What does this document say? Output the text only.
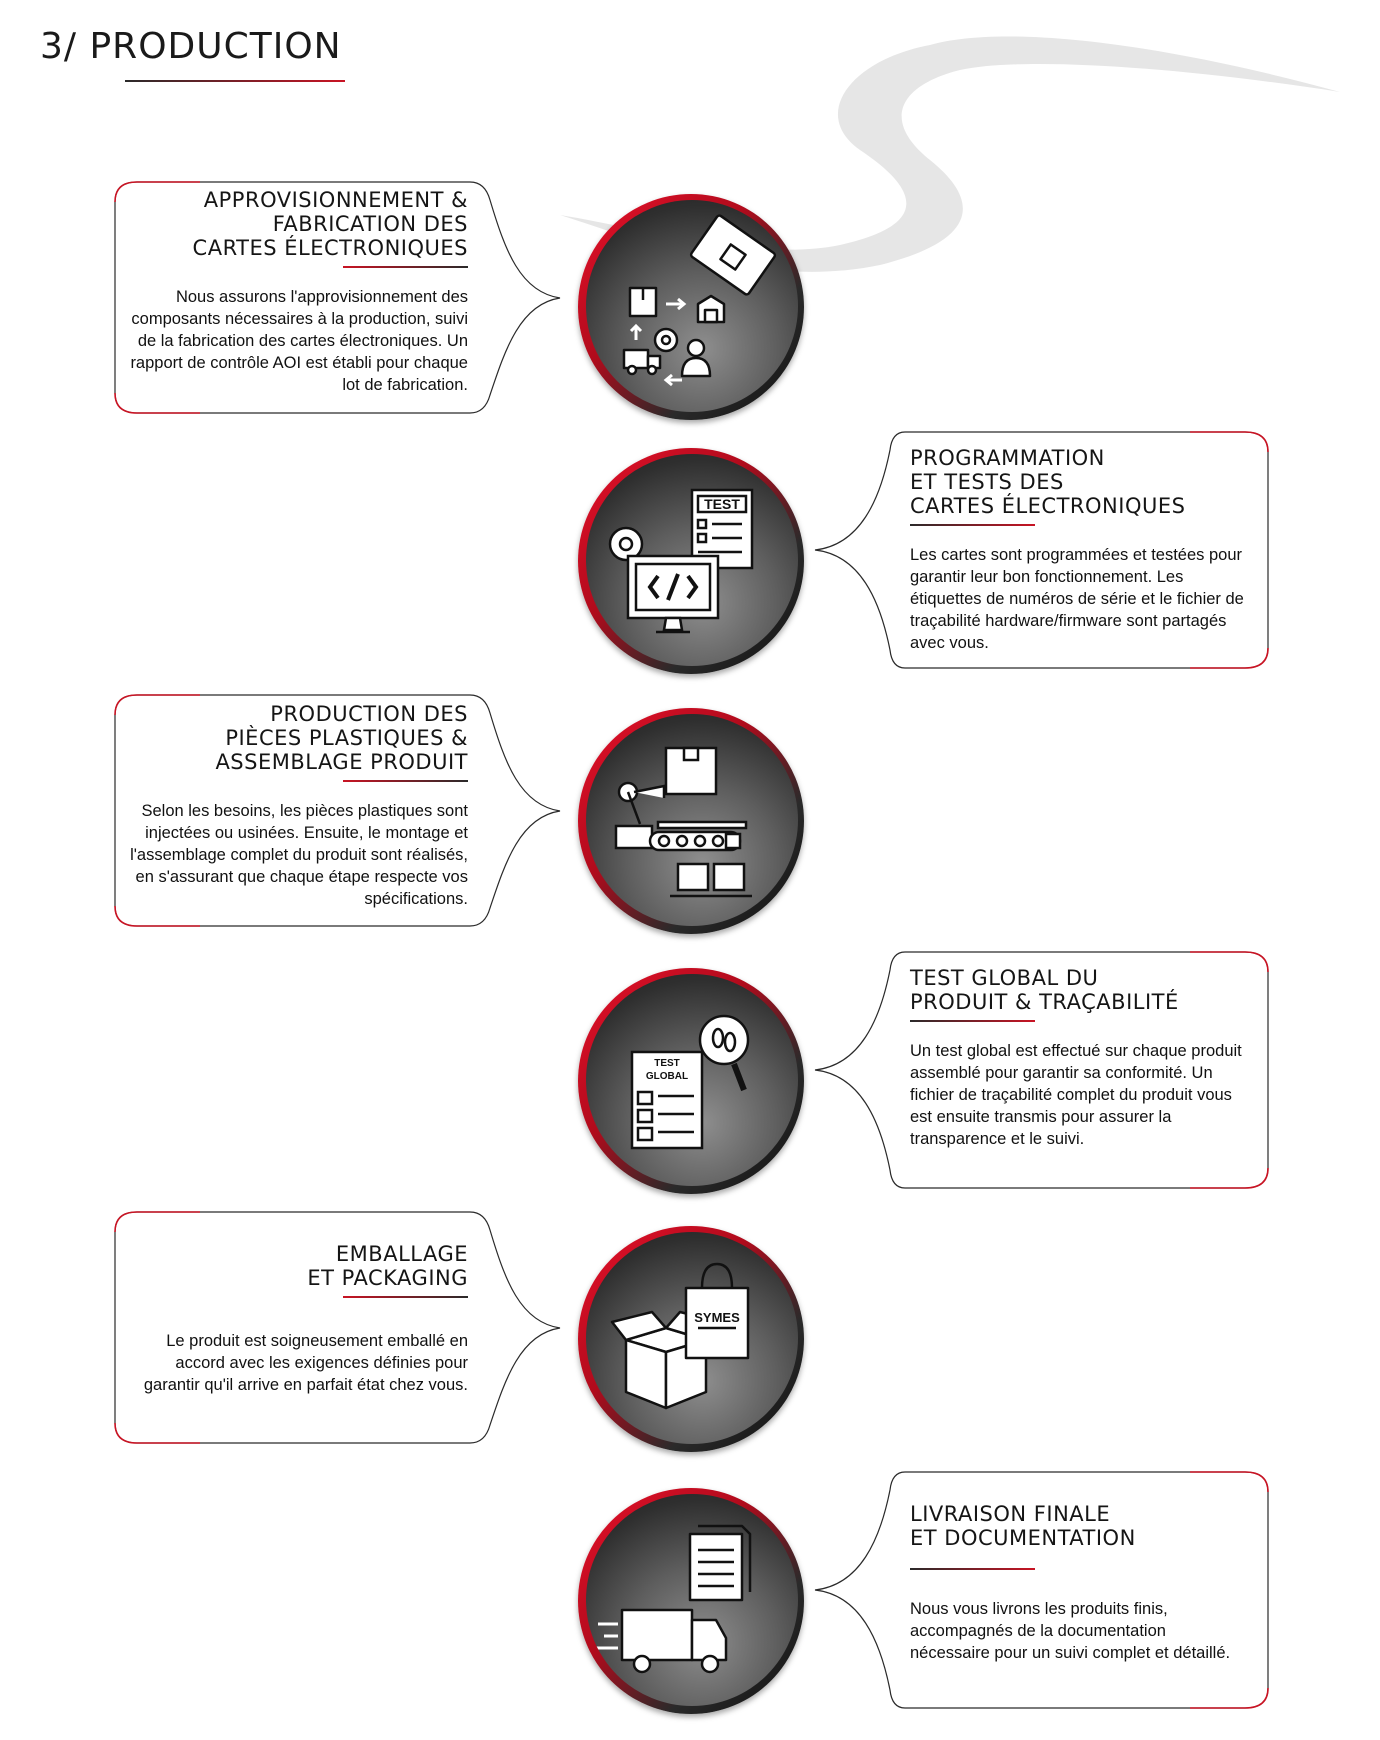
3/ PRODUCTION
APPROVISIONNEMENT &
FABRICATION DES
CARTES ÉLECTRONIQUES

Nous assurons l'approvisionnement des composants nécessaires à la production, suivi de la fabrication des cartes électroniques. Un rapport de contrôle AOI est établi pour chaque lot de fabrication.

PROGRAMMATION
ET TESTS DES
CARTES ÉLECTRONIQUES

Les cartes sont programmées et testées pour garantir leur bon fonctionnement. Les étiquettes de numéros de série et le fichier de traçabilité hardware/firmware sont partagés avec vous.

TEST
PRODUCTION DES
PIÈCES PLASTIQUES &
ASSEMBLAGE PRODUIT

Selon les besoins, les pièces plastiques sont injectées ou usinées. Ensuite, le montage et l'assemblage complet du produit sont réalisés, en s'assurant que chaque étape respecte vos spécifications.

TEST GLOBAL DU
PRODUIT & TRAÇABILITÉ

Un test global est effectué sur chaque produit assemblé pour garantir sa conformité. Un fichier de traçabilité complet du produit vous est ensuite transmis pour assurer la transparence et le suivi.

TEST
GLOBAL
EMBALLAGE
ET PACKAGING

Le produit est soigneusement emballé en accord avec les exigences définies pour garantir qu'il arrive en parfait état chez vous.

SYMES
LIVRAISON FINALE
ET DOCUMENTATION

Nous vous livrons les produits finis, accompagnés de la documentation nécessaire pour un suivi complet et détaillé.
